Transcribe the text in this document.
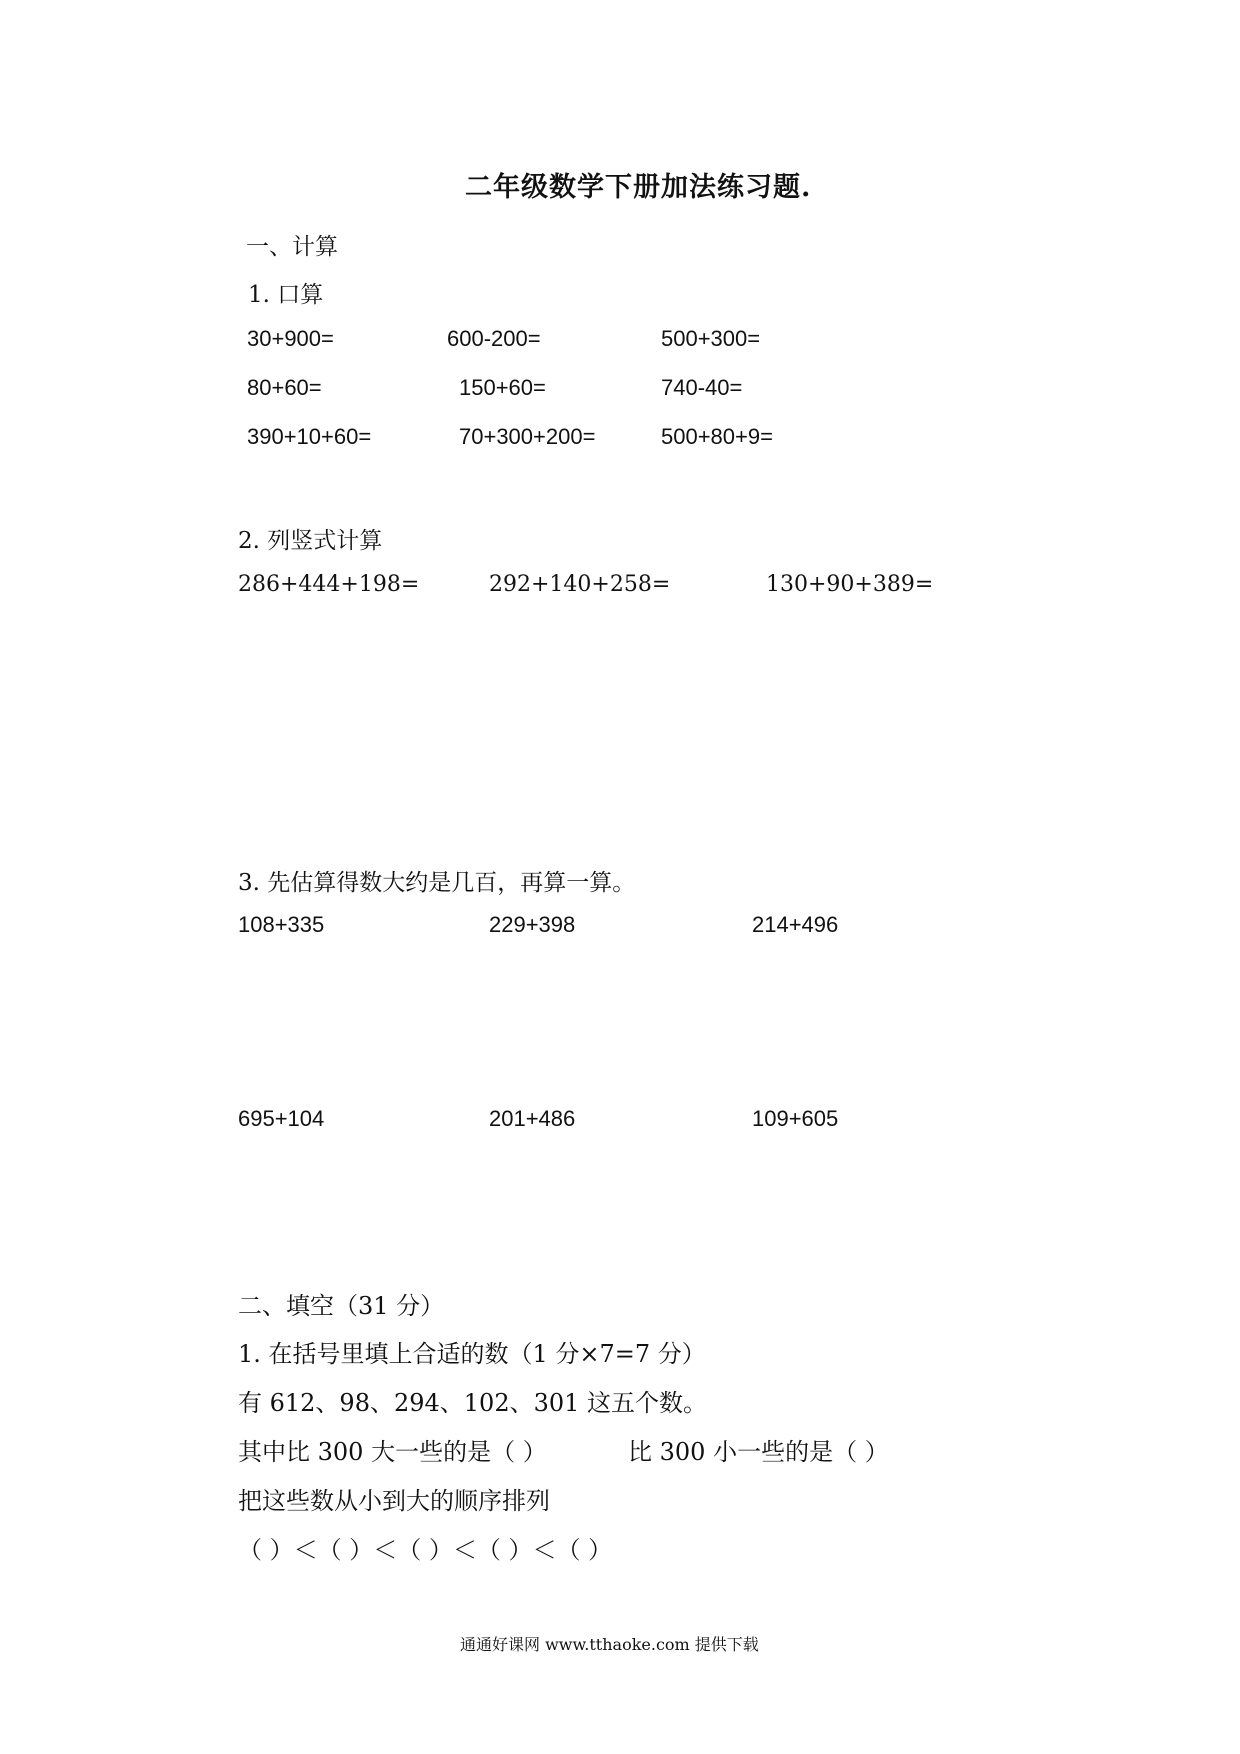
二年级数学下册加法练习题.
一、计算
1. 口算
30+900=	600-200=	500+300=
80+60=	150+60=	740-40=
390+10+60=	70+300+200=	500+80+9=
2. 列竖式计算
286+444+198=	292+140+258=	130+90+389=
3. 先估算得数大约是几百，再算一算。
108+335	229+398	214+496
695+104	201+486	109+605
二、填空（31 分）
1. 在括号里填上合适的数（1 分×7=7 分）
有 612、98、294、102、301 这五个数。
其中比 300 大一些的是（ ）	比 300 小一些的是（ ）
把这些数从小到大的顺序排列
（ ）＜（ ）＜（ ）＜（ ）＜（ ）
通通好课网 www.tthaoke.com 提供下载
